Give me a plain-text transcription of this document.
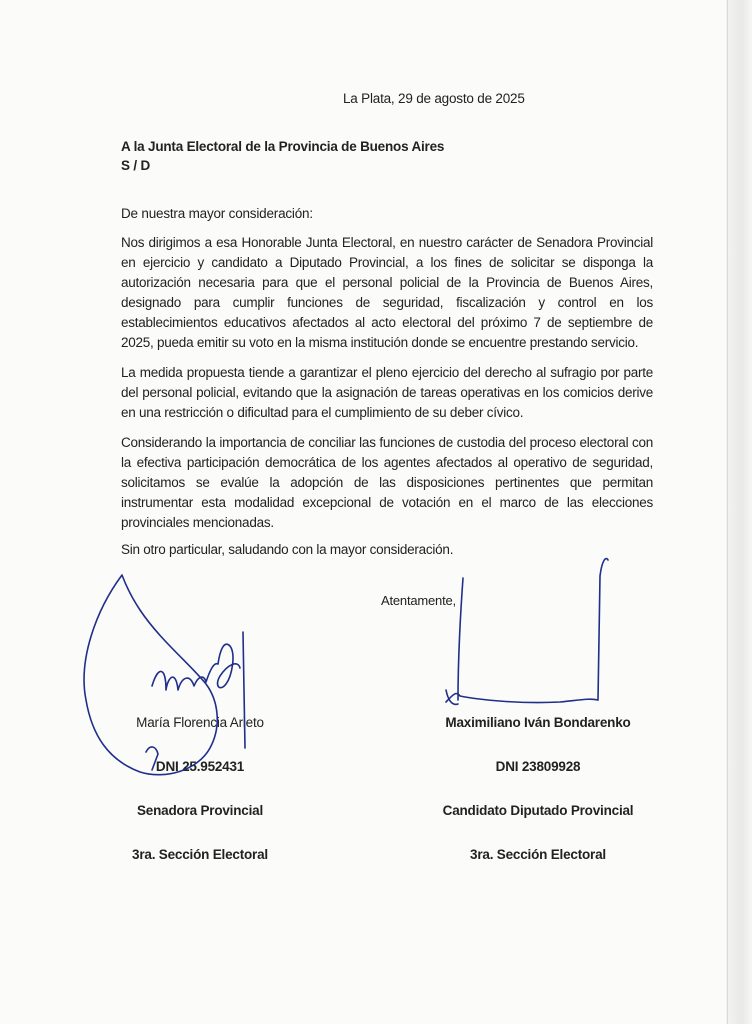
La Plata, 29 de agosto de 2025
A la Junta Electoral de la Provincia de Buenos Aires
S / D
De nuestra mayor consideración:
Nos dirigimos a esa Honorable Junta Electoral, en nuestro carácter de Senadora Provincial en ejercicio y candidato a Diputado Provincial, a los fines de solicitar se disponga la autorización necesaria para que el personal policial de la Provincia de Buenos Aires, designado para cumplir funciones de seguridad, fiscalización y control en los establecimientos educativos afectados al acto electoral del próximo 7 de septiembre de 2025, pueda emitir su voto en la misma institución donde se encuentre prestando servicio.
La medida propuesta tiende a garantizar el pleno ejercicio del derecho al sufragio por parte del personal policial, evitando que la asignación de tareas operativas en los comicios derive en una restricción o dificultad para el cumplimiento de su deber cívico.
Considerando la importancia de conciliar las funciones de custodia del proceso electoral con la efectiva participación democrática de los agentes afectados al operativo de seguridad, solicitamos se evalúe la adopción de las disposiciones pertinentes que permitan instrumentar esta modalidad excepcional de votación en el marco de las elecciones provinciales mencionadas.
Sin otro particular, saludando con la mayor consideración.
Atentamente,
María Florencia Arieto
DNI 25.952431
Senadora Provincial
3ra. Sección Electoral
Maximiliano Iván Bondarenko
DNI 23809928
Candidato Diputado Provincial
3ra. Sección Electoral
